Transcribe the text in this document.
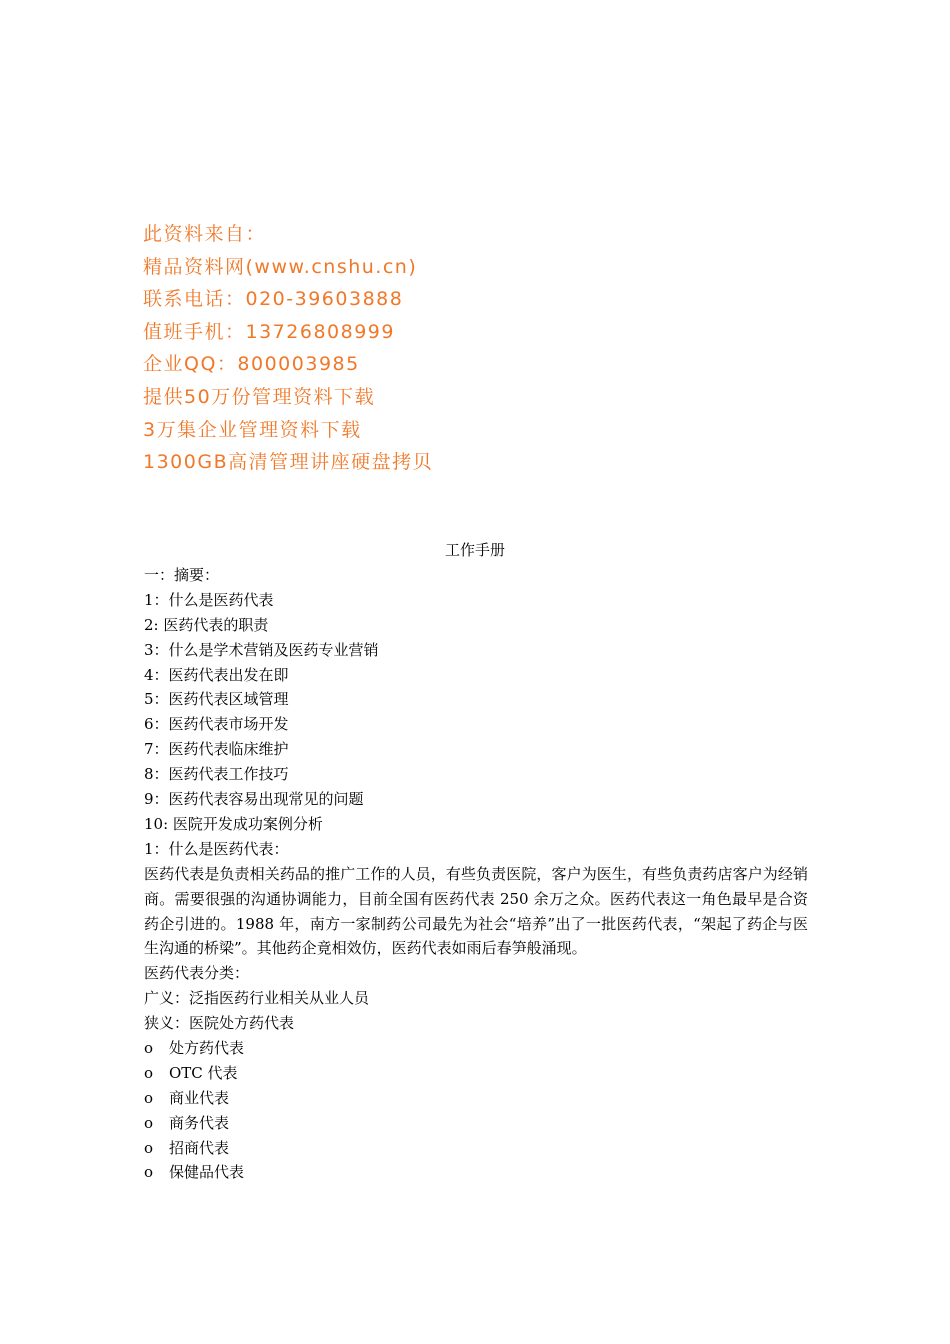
此资料来自：
精品资料网(www.cnshu.cn)
联系电话：020-39603888
值班手机：13726808999
企业QQ：800003985
提供50万份管理资料下载
3万集企业管理资料下载
1300GB高清管理讲座硬盘拷贝
工作手册
一：摘要：
1：什么是医药代表
2: 医药代表的职责
3：什么是学术营销及医药专业营销
4：医药代表出发在即
5：医药代表区域管理
6：医药代表市场开发
7：医药代表临床维护
8：医药代表工作技巧
9：医药代表容易出现常见的问题
10: 医院开发成功案例分析
1：什么是医药代表：
医药代表是负责相关药品的推广工作的人员，有些负责医院，客户为医生，有些负责药店客户为经销商。需要很强的沟通协调能力，目前全国有医药代表 250 余万之众。医药代表这一角色最早是合资药企引进的。1988 年，南方一家制药公司最先为社会“培养”出了一批医药代表，“架起了药企与医生沟通的桥梁”。其他药企竟相效仿，医药代表如雨后春笋般涌现。
医药代表分类：
广义：泛指医药行业相关从业人员
狭义：医院处方药代表
o	处方药代表
o	OTC 代表
o	商业代表
o	商务代表
o	招商代表
o	保健品代表
